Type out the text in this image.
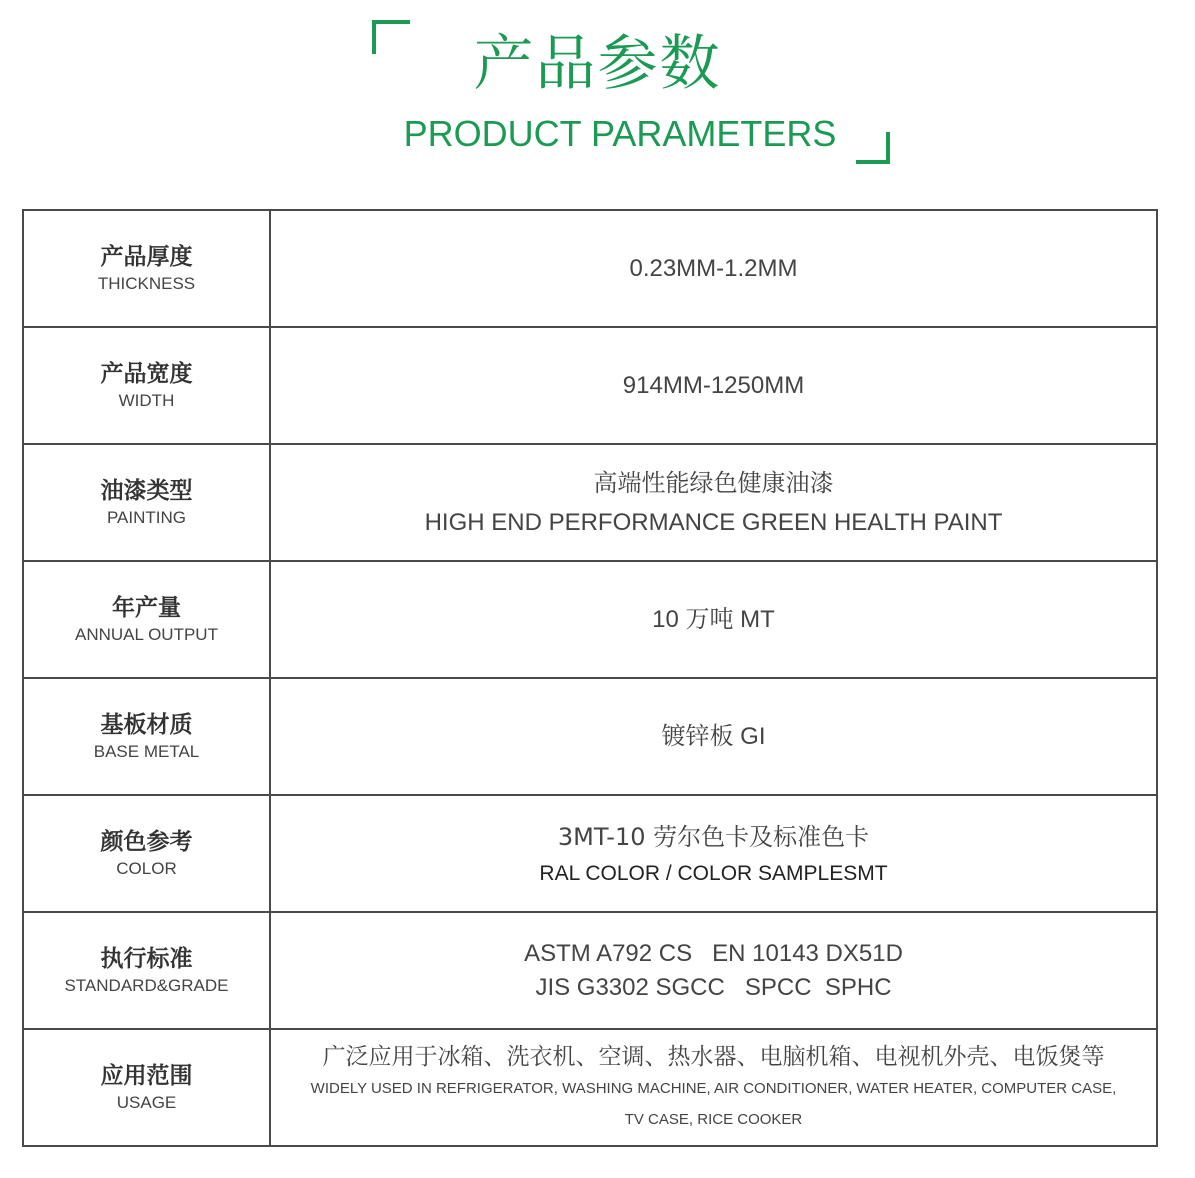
产品参数
PRODUCT PARAMETERS
产品厚度
THICKNESS	0.23MM-1.2MM

产品宽度
WIDTH	914MM-1250MM

油漆类型
PAINTING	高端性能绿色健康油漆
HIGH END PERFORMANCE GREEN HEALTH PAINT

年产量
ANNUAL OUTPUT	10 万吨 MT

基板材质
BASE METAL	镀锌板 GI

颜色参考
COLOR	3MT-10 劳尔色卡及标准色卡
RAL COLOR / COLOR SAMPLESMT

执行标准
STANDARD&GRADE	ASTM A792 CS   EN 10143 DX51D
JIS G3302 SGCC   SPCC  SPHC

应用范围
USAGE	广泛应用于冰箱、洗衣机、空调、热水器、电脑机箱、电视机外壳、电饭煲等
WIDELY USED IN REFRIGERATOR, WASHING MACHINE, AIR CONDITIONER, WATER HEATER, COMPUTER CASE,
TV CASE, RICE COOKER
